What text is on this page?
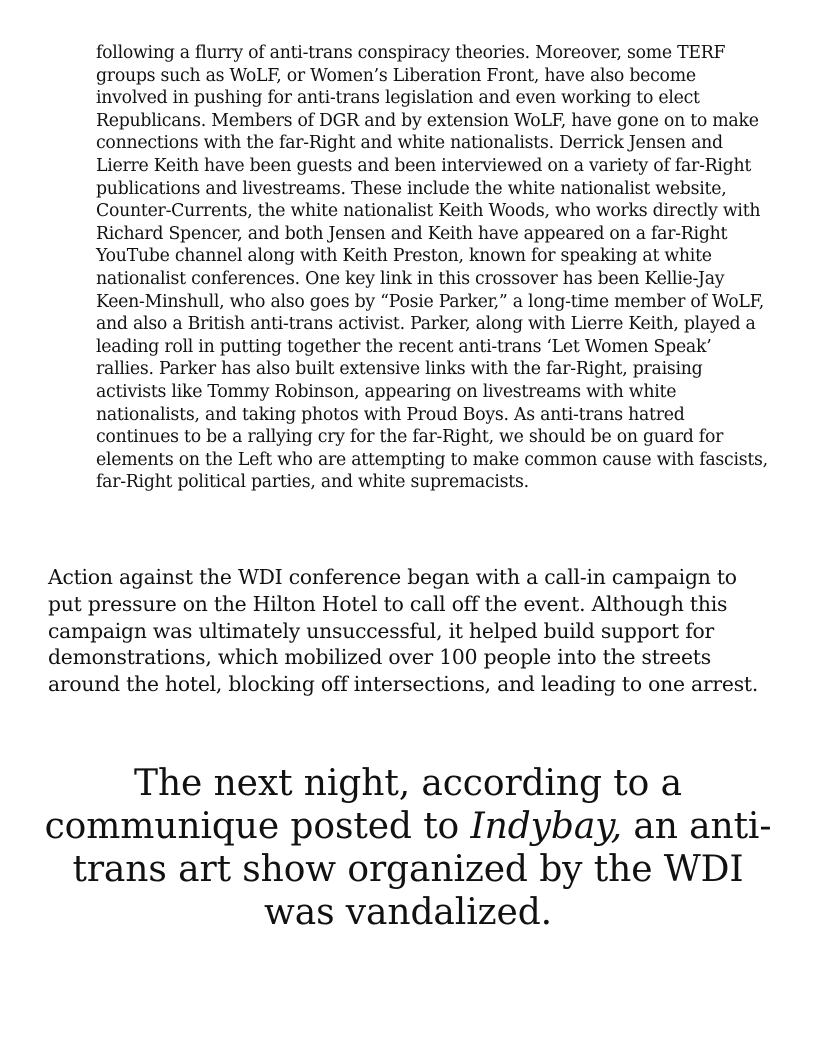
following a flurry of anti-trans conspiracy theories. Moreover, some TERF groups such as WoLF, or Women’s Liberation Front, have also become involved in pushing for anti-trans legislation and even working to elect Republicans. Members of DGR and by extension WoLF, have gone on to make connections with the far-Right and white nationalists. Derrick Jensen and Lierre Keith have been guests and been interviewed on a variety of far-Right publications and livestreams. These include the white nationalist website, Counter-Currents, the white nationalist Keith Woods, who works directly with Richard Spencer, and both Jensen and Keith have appeared on a far-Right YouTube channel along with Keith Preston, known for speaking at white nationalist conferences. One key link in this crossover has been Kellie-Jay Keen-Minshull, who also goes by “Posie Parker,” a long-time member of WoLF, and also a British anti-trans activist. Parker, along with Lierre Keith, played a leading roll in putting together the recent anti-trans ‘Let Women Speak’ rallies. Parker has also built extensive links with the far-Right, praising activists like Tommy Robinson, appearing on livestreams with white nationalists, and taking photos with Proud Boys. As anti-trans hatred continues to be a rallying cry for the far-Right, we should be on guard for elements on the Left who are attempting to make common cause with fascists, far-Right political parties, and white supremacists.

Action against the WDI conference began with a call-in campaign to put pressure on the Hilton Hotel to call off the event. Although this campaign was ultimately unsuccessful, it helped build support for demonstrations, which mobilized over 100 people into the streets around the hotel, blocking off intersections, and leading to one arrest.

The next night, according to a communique posted to Indybay, an anti-trans art show organized by the WDI was vandalized.
